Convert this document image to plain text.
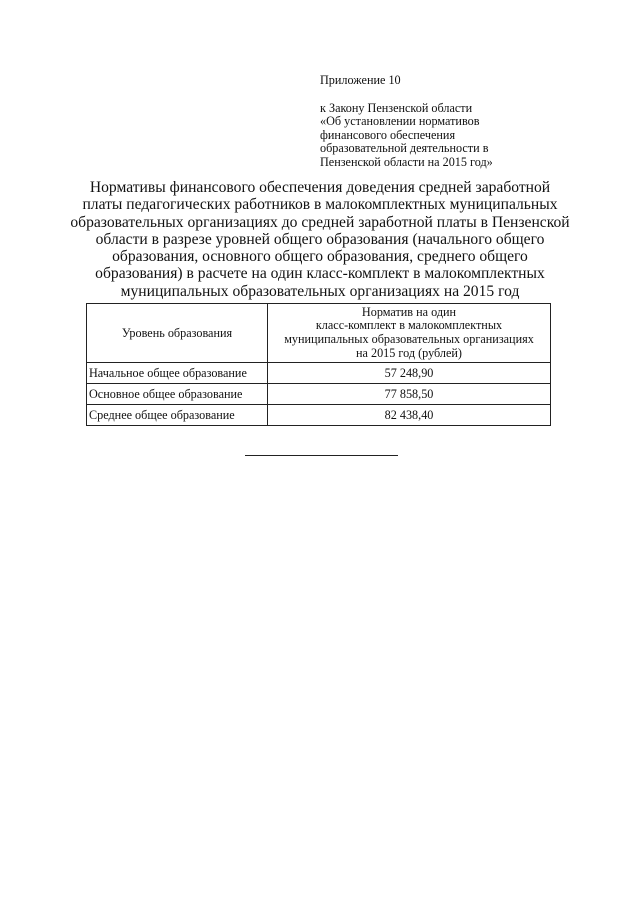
Приложение 10
к Закону Пензенской области
«Об установлении нормативов
финансового обеспечения
образовательной деятельности в
Пензенской области на 2015 год»
Нормативы финансового обеспечения доведения средней заработной
платы педагогических работников в малокомплектных муниципальных
образовательных организациях до средней заработной платы в Пензенской
области в разрезе уровней общего образования (начального общего
образования, основного общего образования, среднего общего
образования) в расчете на один класс-комплект в малокомплектных
муниципальных образовательных организациях на 2015 год
Уровень образования	Норматив на один
класс-комплект в малокомплектных
муниципальных образовательных организациях
на 2015 год (рублей)

Начальное общее образование	57 248,90
Основное общее образование	77 858,50
Среднее общее образование	82 438,40
